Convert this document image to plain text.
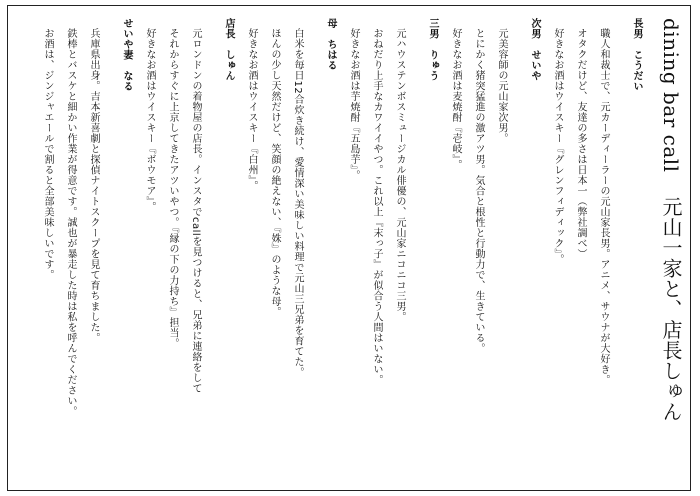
dining bar call元山一家と、店長しゅん
長男　こうだい
職人和裁士で、元カーディーラーの元山家長男。アニメ、サウナが大好き。
オタクだけど、友達の多さは日本一（弊社調べ）
好きなお酒はウイスキー『グレンフィディック』。
次男　せいや
元美容師の元山家次男。
とにかく猪突猛進の激アツ男。気合と根性と行動力で、生きている。
好きなお酒は麦焼酎『壱岐』。
三男　りゅう
元ハウステンボスミュージカル俳優の、元山家ニコニコ三男。
おねだり上手なカワイイやつ。これ以上『末っ子』が似合う人間はいない。
好きなお酒は芋焼酎『五島芋』。
母　ちはる
白米を毎日12合炊き続け、愛情深い美味しい料理で元山三兄弟を育てた。
ほんの少し天然だけど、笑顔の絶えない、『姝』のような母。
好きなお酒はウイスキー『白州』。
店長　しゅん
元ロンドンの着物屋の店長。インスタでcallを見つけると、兄弟に連絡をして
それからすぐに上京してきたアツいやつ。『縁の下の力持ち』担当。
好きなお酒はウイスキー『ボウモア』。
せいや妻　なる
兵庫県出身。吉本新喜劇と探偵ナイトスクープを見て育ちました。
鉄棒とバスケと細かい作業が得意です。誠也が暴走した時は私を呼んでください。
お酒は、ジンジャエールで割ると全部美味しいです。
